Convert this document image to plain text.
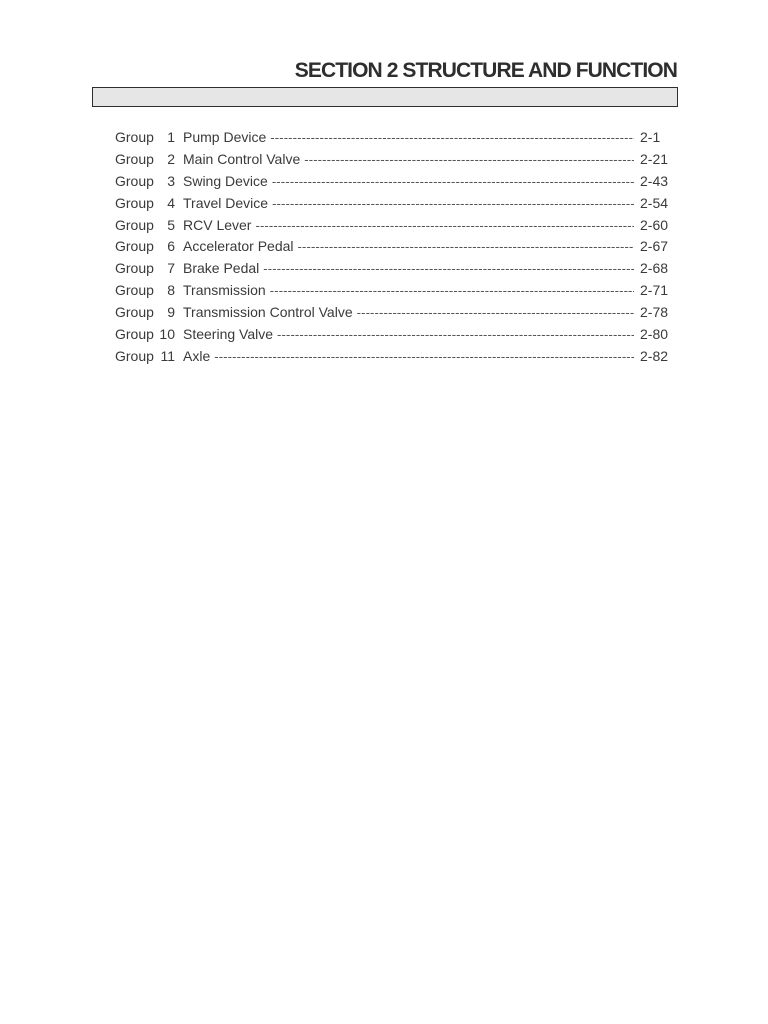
SECTION 2 STRUCTURE AND FUNCTION
Group 1 Pump Device -----	2-1
Group 2 Main Control Valve -----	2-21
Group 3 Swing Device -----	2-43
Group 4 Travel Device -----	2-54
Group 5 RCV Lever -----	2-60
Group 6 Accelerator Pedal -----	2-67
Group 7 Brake Pedal -----	2-68
Group 8 Transmission -----	2-71
Group 9 Transmission Control Valve -----	2-78
Group 10 Steering Valve -----	2-80
Group 11 Axle -----	2-82
